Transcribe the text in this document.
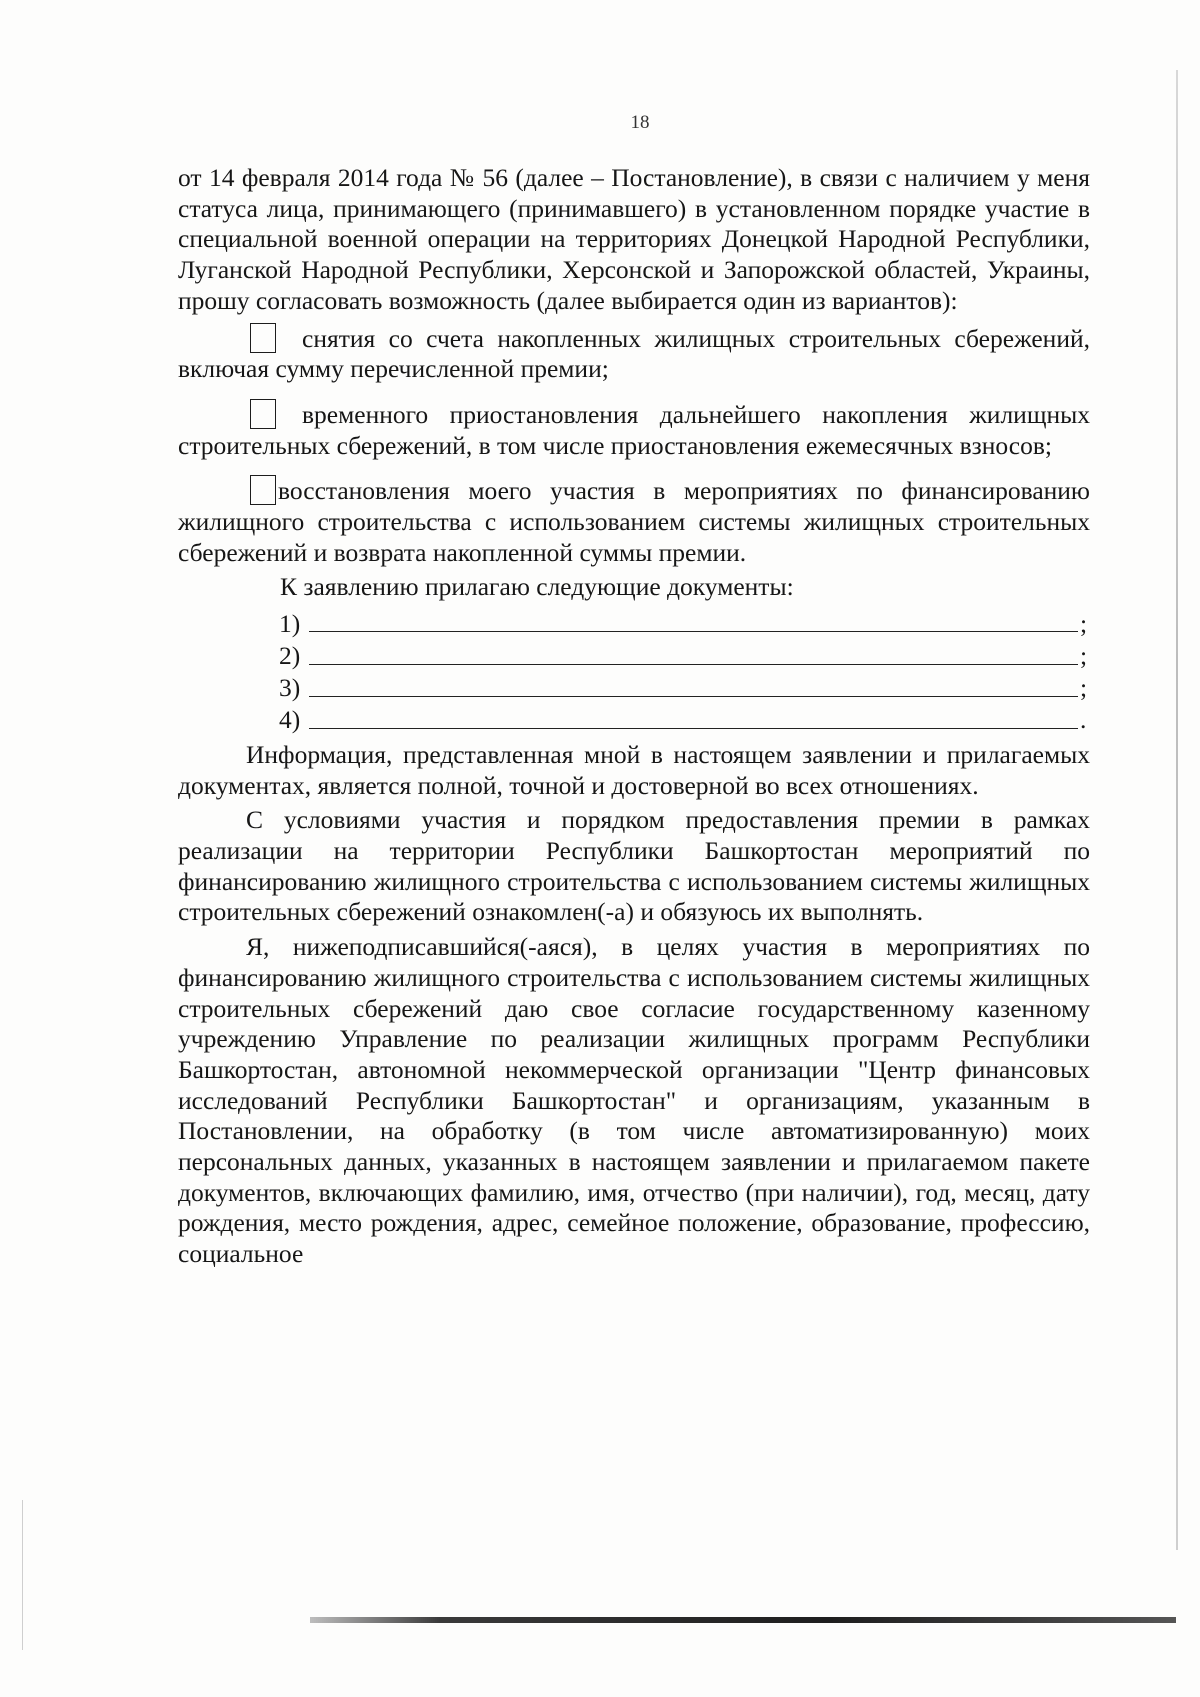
18

от 14 февраля 2014 года № 56 (далее – Постановление), в связи с наличием у меня статуса лица, принимающего (принимавшего) в установленном порядке участие в специальной военной операции на территориях Донецкой Народной Республики, Луганской Народной Республики, Херсонской и Запорожской областей, Украины, прошу согласовать возможность (далее выбирается один из вариантов):

снятия со счета накопленных жилищных строительных сбережений, включая сумму перечисленной премии;

временного приостановления дальнейшего накопления жилищных строительных сбережений, в том числе приостановления ежемесячных взносов;

восстановления моего участия в мероприятиях по финансированию жилищного строительства с использованием системы жилищных строительных сбережений и возврата накопленной суммы премии.

К заявлению прилагаю следующие документы:
1)	;
2)	;
3)	;
4)	.

Информация, представленная мной в настоящем заявлении и прилагаемых документах, является полной, точной и достоверной во всех отношениях.

С условиями участия и порядком предоставления премии в рамках реализации на территории Республики Башкортостан мероприятий по финансированию жилищного строительства с использованием системы жилищных строительных сбережений ознакомлен(-а) и обязуюсь их выполнять.

Я, нижеподписавшийся(-аяся), в целях участия в мероприятиях по финансированию жилищного строительства с использованием системы жилищных строительных сбережений даю свое согласие государственному казенному учреждению Управление по реализации жилищных программ Республики Башкортостан, автономной некоммерческой организации "Центр финансовых исследований Республики Башкортостан" и организациям, указанным в Постановлении, на обработку (в том числе автоматизированную) моих персональных данных, указанных в настоящем заявлении и прилагаемом пакете документов, включающих фамилию, имя, отчество (при наличии), год, месяц, дату рождения, место рождения, адрес, семейное положение, образование, профессию, социальное
